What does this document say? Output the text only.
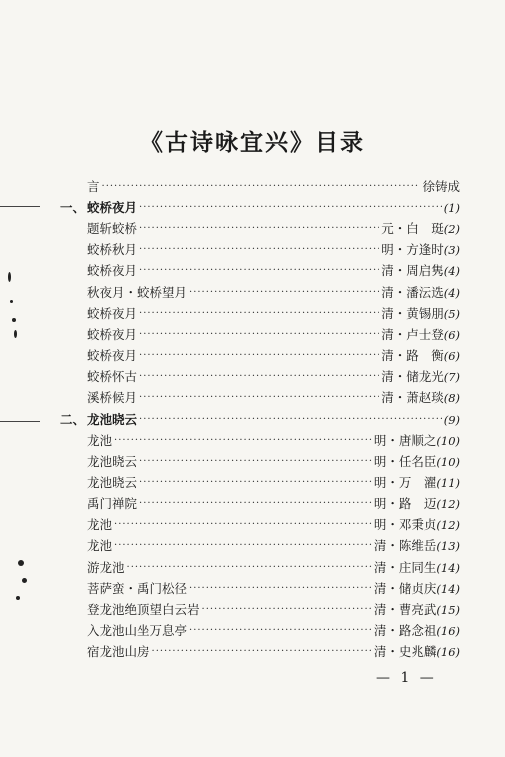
《古诗咏宜兴》目录
言 ·····	徐铸成
一、 蛟桥夜月 ·····	(1)
题斩蛟桥 ·····	元・白　珽 (2)
蛟桥秋月 ·····	明・方逢时 (3)
蛟桥夜月 ·····	清・周启隽 (4)
秋夜月・蛟桥望月 ·····	清・潘沄选 (4)
蛟桥夜月 ·····	清・黄锡朋 (5)
蛟桥夜月 ·····	清・卢士登 (6)
蛟桥夜月 ·····	清・路　衡 (6)
蛟桥怀古 ·····	清・储龙光 (7)
溪桥候月 ·····	清・萧赵琰 (8)
二、 龙池晓云 ·····	(9)
龙池 ·····	明・唐顺之 (10)
龙池晓云 ·····	明・任名臣 (10)
龙池晓云 ·····	明・万　濯 (11)
禹门禅院 ·····	明・路　迈 (12)
龙池 ·····	明・邓秉贞 (12)
龙池 ·····	清・陈维岳 (13)
游龙池 ·····	清・庄同生 (14)
菩萨蛮・禹门松径 ·····	清・储贞庆 (14)
登龙池绝顶望白云岩 ·····	清・曹亮武 (15)
入龙池山坐万息亭 ·····	清・路念祖 (16)
宿龙池山房 ·····	清・史兆麟 (16)
— 1 —
